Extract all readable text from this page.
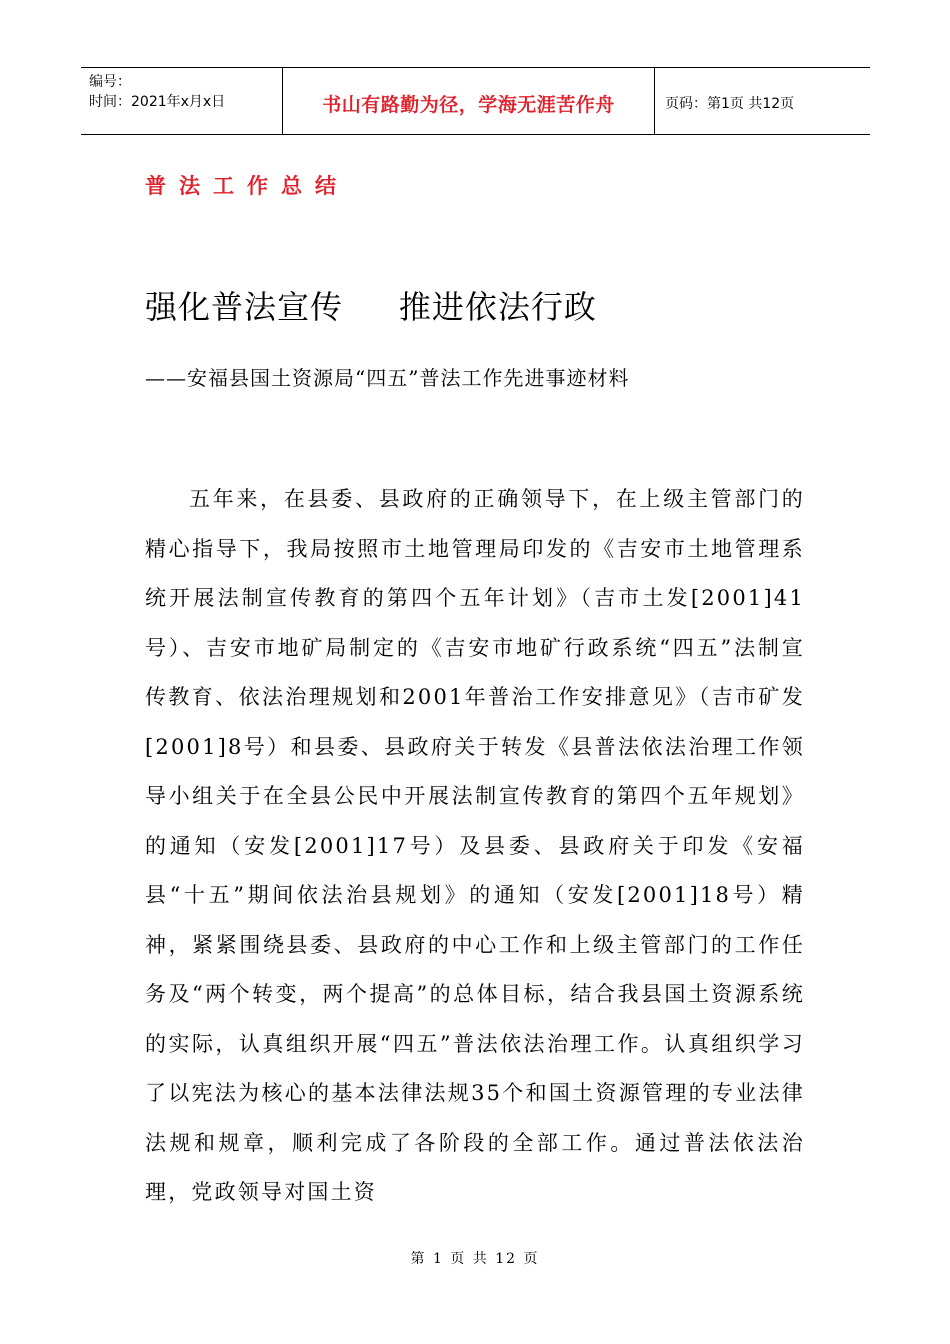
编号：
时间：2021年x月x日	书山有路勤为径，学海无涯苦作舟	页码：第1页 共12页
普法工作总结
强化普法宣传     推进依法行政
——安福县国土资源局“四五”普法工作先进事迹材料

五年来，在县委、县政府的正确领导下，在上级主管部门的精心指导下，我局按照市土地管理局印发的《吉安市土地管理系统开展法制宣传教育的第四个五年计划》（吉市土发[2001]41号）、吉安市地矿局制定的《吉安市地矿行政系统“四五”法制宣传教育、依法治理规划和2001年普治工作安排意见》（吉市矿发[2001]8号）和县委、县政府关于转发《县普法依法治理工作领导小组关于在全县公民中开展法制宣传教育的第四个五年规划》的通知（安发[2001]17号）及县委、县政府关于印发《安福县“十五”期间依法治县规划》的通知（安发[2001]18号）精神，紧紧围绕县委、县政府的中心工作和上级主管部门的工作任务及“两个转变，两个提高”的总体目标，结合我县国土资源系统的实际，认真组织开展“四五”普法依法治理工作。认真组织学习了以宪法为核心的基本法律法规35个和国土资源管理的专业法律法规和规章，顺利完成了各阶段的全部工作。通过普法依法治理，党政领导对国土资

第 1 页 共 12 页
